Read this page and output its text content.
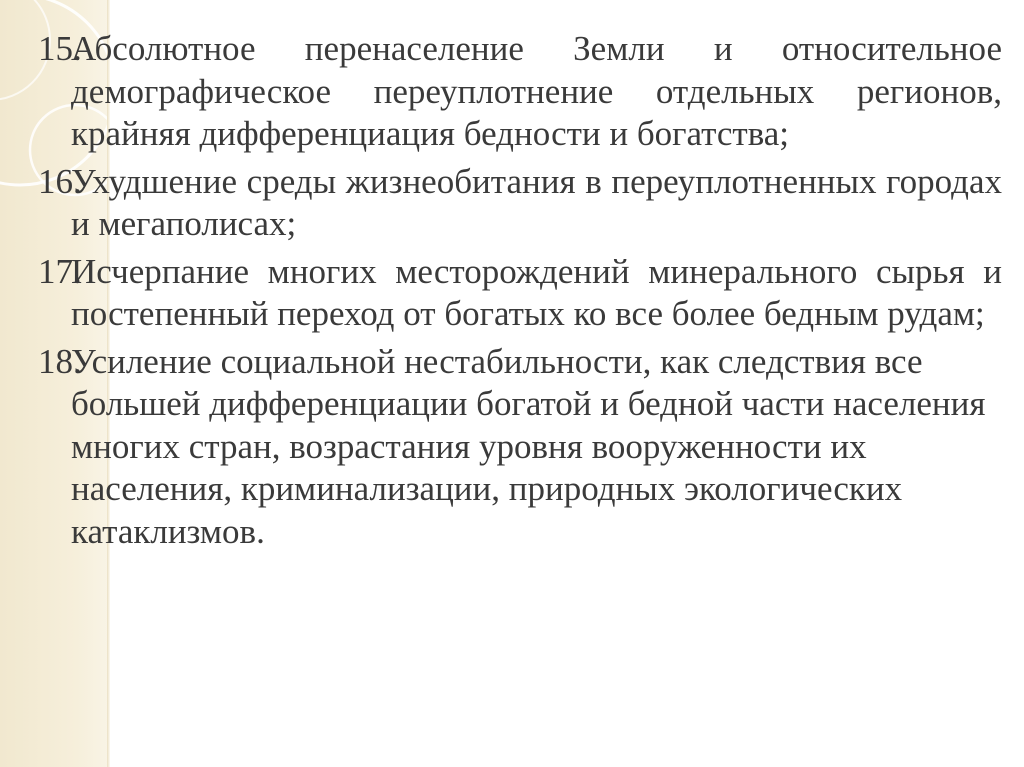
15.
Абсолютное перенаселение Земли и относительное демографическое переуплотнение отдельных регионов, крайняя дифференциация бедности и богатства;
16.
Ухудшение среды жизнеобитания в переуплотненных городах и мегаполисах;
17.
Исчерпание многих месторождений минерального сырья и постепенный переход от богатых ко все более бедным рудам;
18.
Усиление социальной нестабильности, как следствия все большей дифференциации богатой и бедной части населения многих стран, возрастания уровня вооруженности их населения, криминализации, природных экологических катаклизмов.
